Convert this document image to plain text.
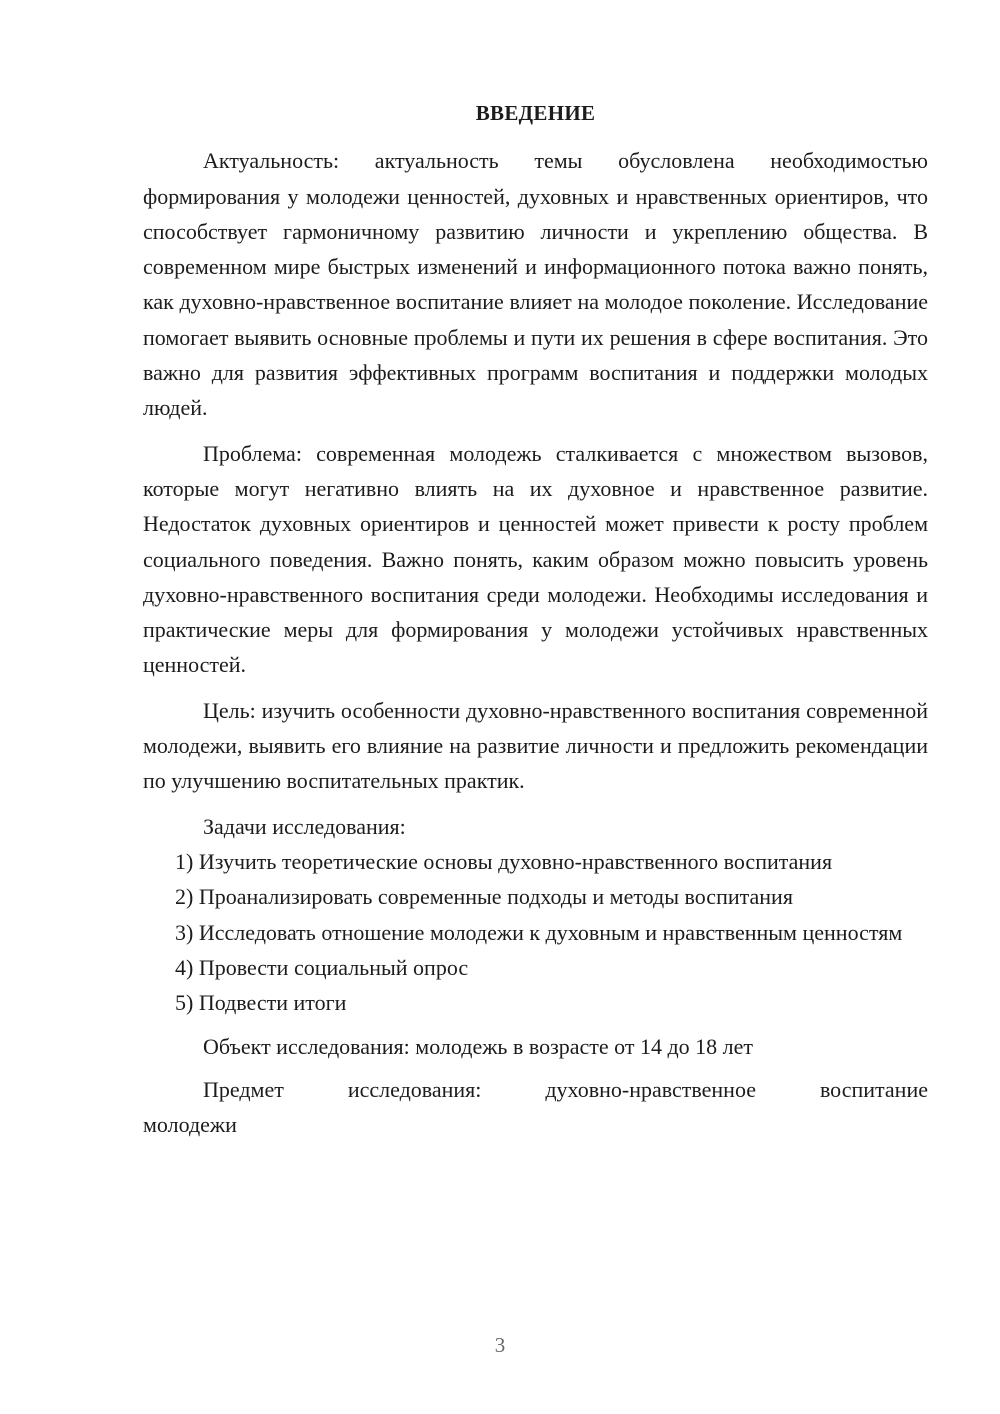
ВВЕДЕНИЕ

Актуальность: актуальность темы обусловлена необходимостью формирования у молодежи ценностей, духовных и нравственных ориентиров, что способствует гармоничному развитию личности и укреплению общества. В современном мире быстрых изменений и информационного потока важно понять, как духовно-нравственное воспитание влияет на молодое поколение. Исследование помогает выявить основные проблемы и пути их решения в сфере воспитания. Это важно для развития эффективных программ воспитания и поддержки молодых людей.

Проблема: современная молодежь сталкивается с множеством вызовов, которые могут негативно влиять на их духовное и нравственное развитие. Недостаток духовных ориентиров и ценностей может привести к росту проблем социального поведения. Важно понять, каким образом можно повысить уровень духовно-нравственного воспитания среди молодежи. Необходимы исследования и практические меры для формирования у молодежи устойчивых нравственных ценностей.

Цель: изучить особенности духовно-нравственного воспитания современной молодежи, выявить его влияние на развитие личности и предложить рекомендации по улучшению воспитательных практик.

Задачи исследования:

1) Изучить теоретические основы духовно-нравственного воспитания

2) Проанализировать современные подходы и методы воспитания

3) Исследовать отношение молодежи к духовным и нравственным ценностям

4) Провести социальный опрос

5) Подвести итоги

Объект исследования: молодежь в возрасте от 14 до 18 лет

Предмет	исследования:	духовно-нравственное	воспитание
молодежи
3
